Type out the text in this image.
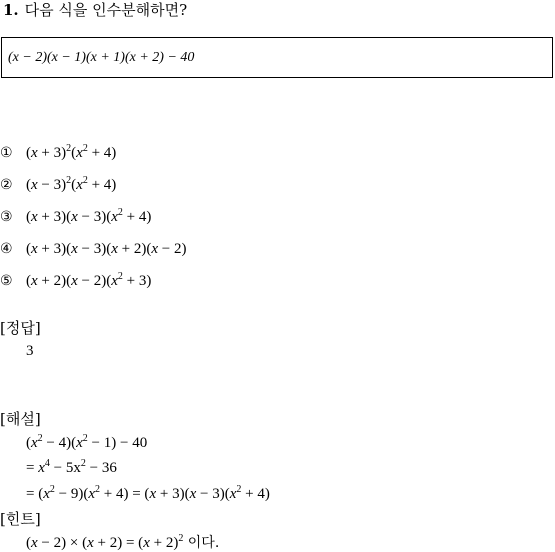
1. 다음 식을 인수분해하면?
(x − 2)(x − 1)(x + 1)(x + 2) − 40
① $(x + 3)^2(x^2 + 4)$
② $(x - 3)^2(x^2 + 4)$
③ $(x + 3)(x - 3)(x^2 + 4)$
④ (x + 3)(x − 3)(x + 2)(x − 2)
⑤ $(x + 2)(x - 2)(x^2 + 3)$
[정답]
3
[해설]
$(x^2 - 4)(x^2 - 1) - 40$
= $x^4 - 5x^2 - 36$
= $(x^2 - 9)(x^2 + 4) = (x + 3)(x - 3)(x^2 + 4)$
[힌트]
$(x - 2) \times (x + 2) = (x + 2)^2$ 이다.
